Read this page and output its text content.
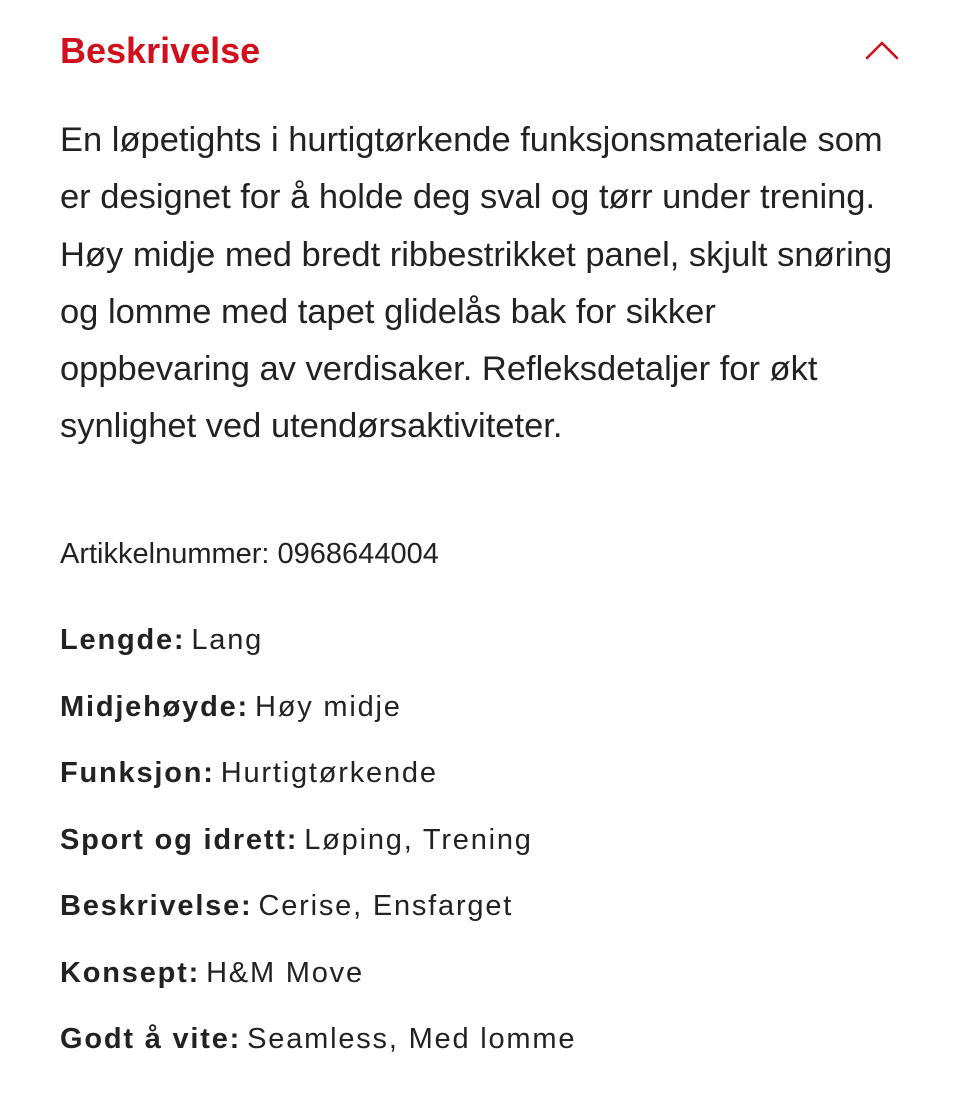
Beskrivelse

En løpetights i hurtigtørkende funksjonsmateriale som er designet for å holde deg sval og tørr under trening. Høy midje med bredt ribbestrikket panel, skjult snøring og lomme med tapet glidelås bak for sikker oppbevaring av verdisaker. Refleksdetaljer for økt synlighet ved utendørsaktiviteter.

Artikkelnummer: 0968644004

Lengde: Lang
Midjehøyde: Høy midje
Funksjon: Hurtigtørkende
Sport og idrett: Løping, Trening
Beskrivelse: Cerise, Ensfarget
Konsept: H&M Move
Godt å vite: Seamless, Med lomme
